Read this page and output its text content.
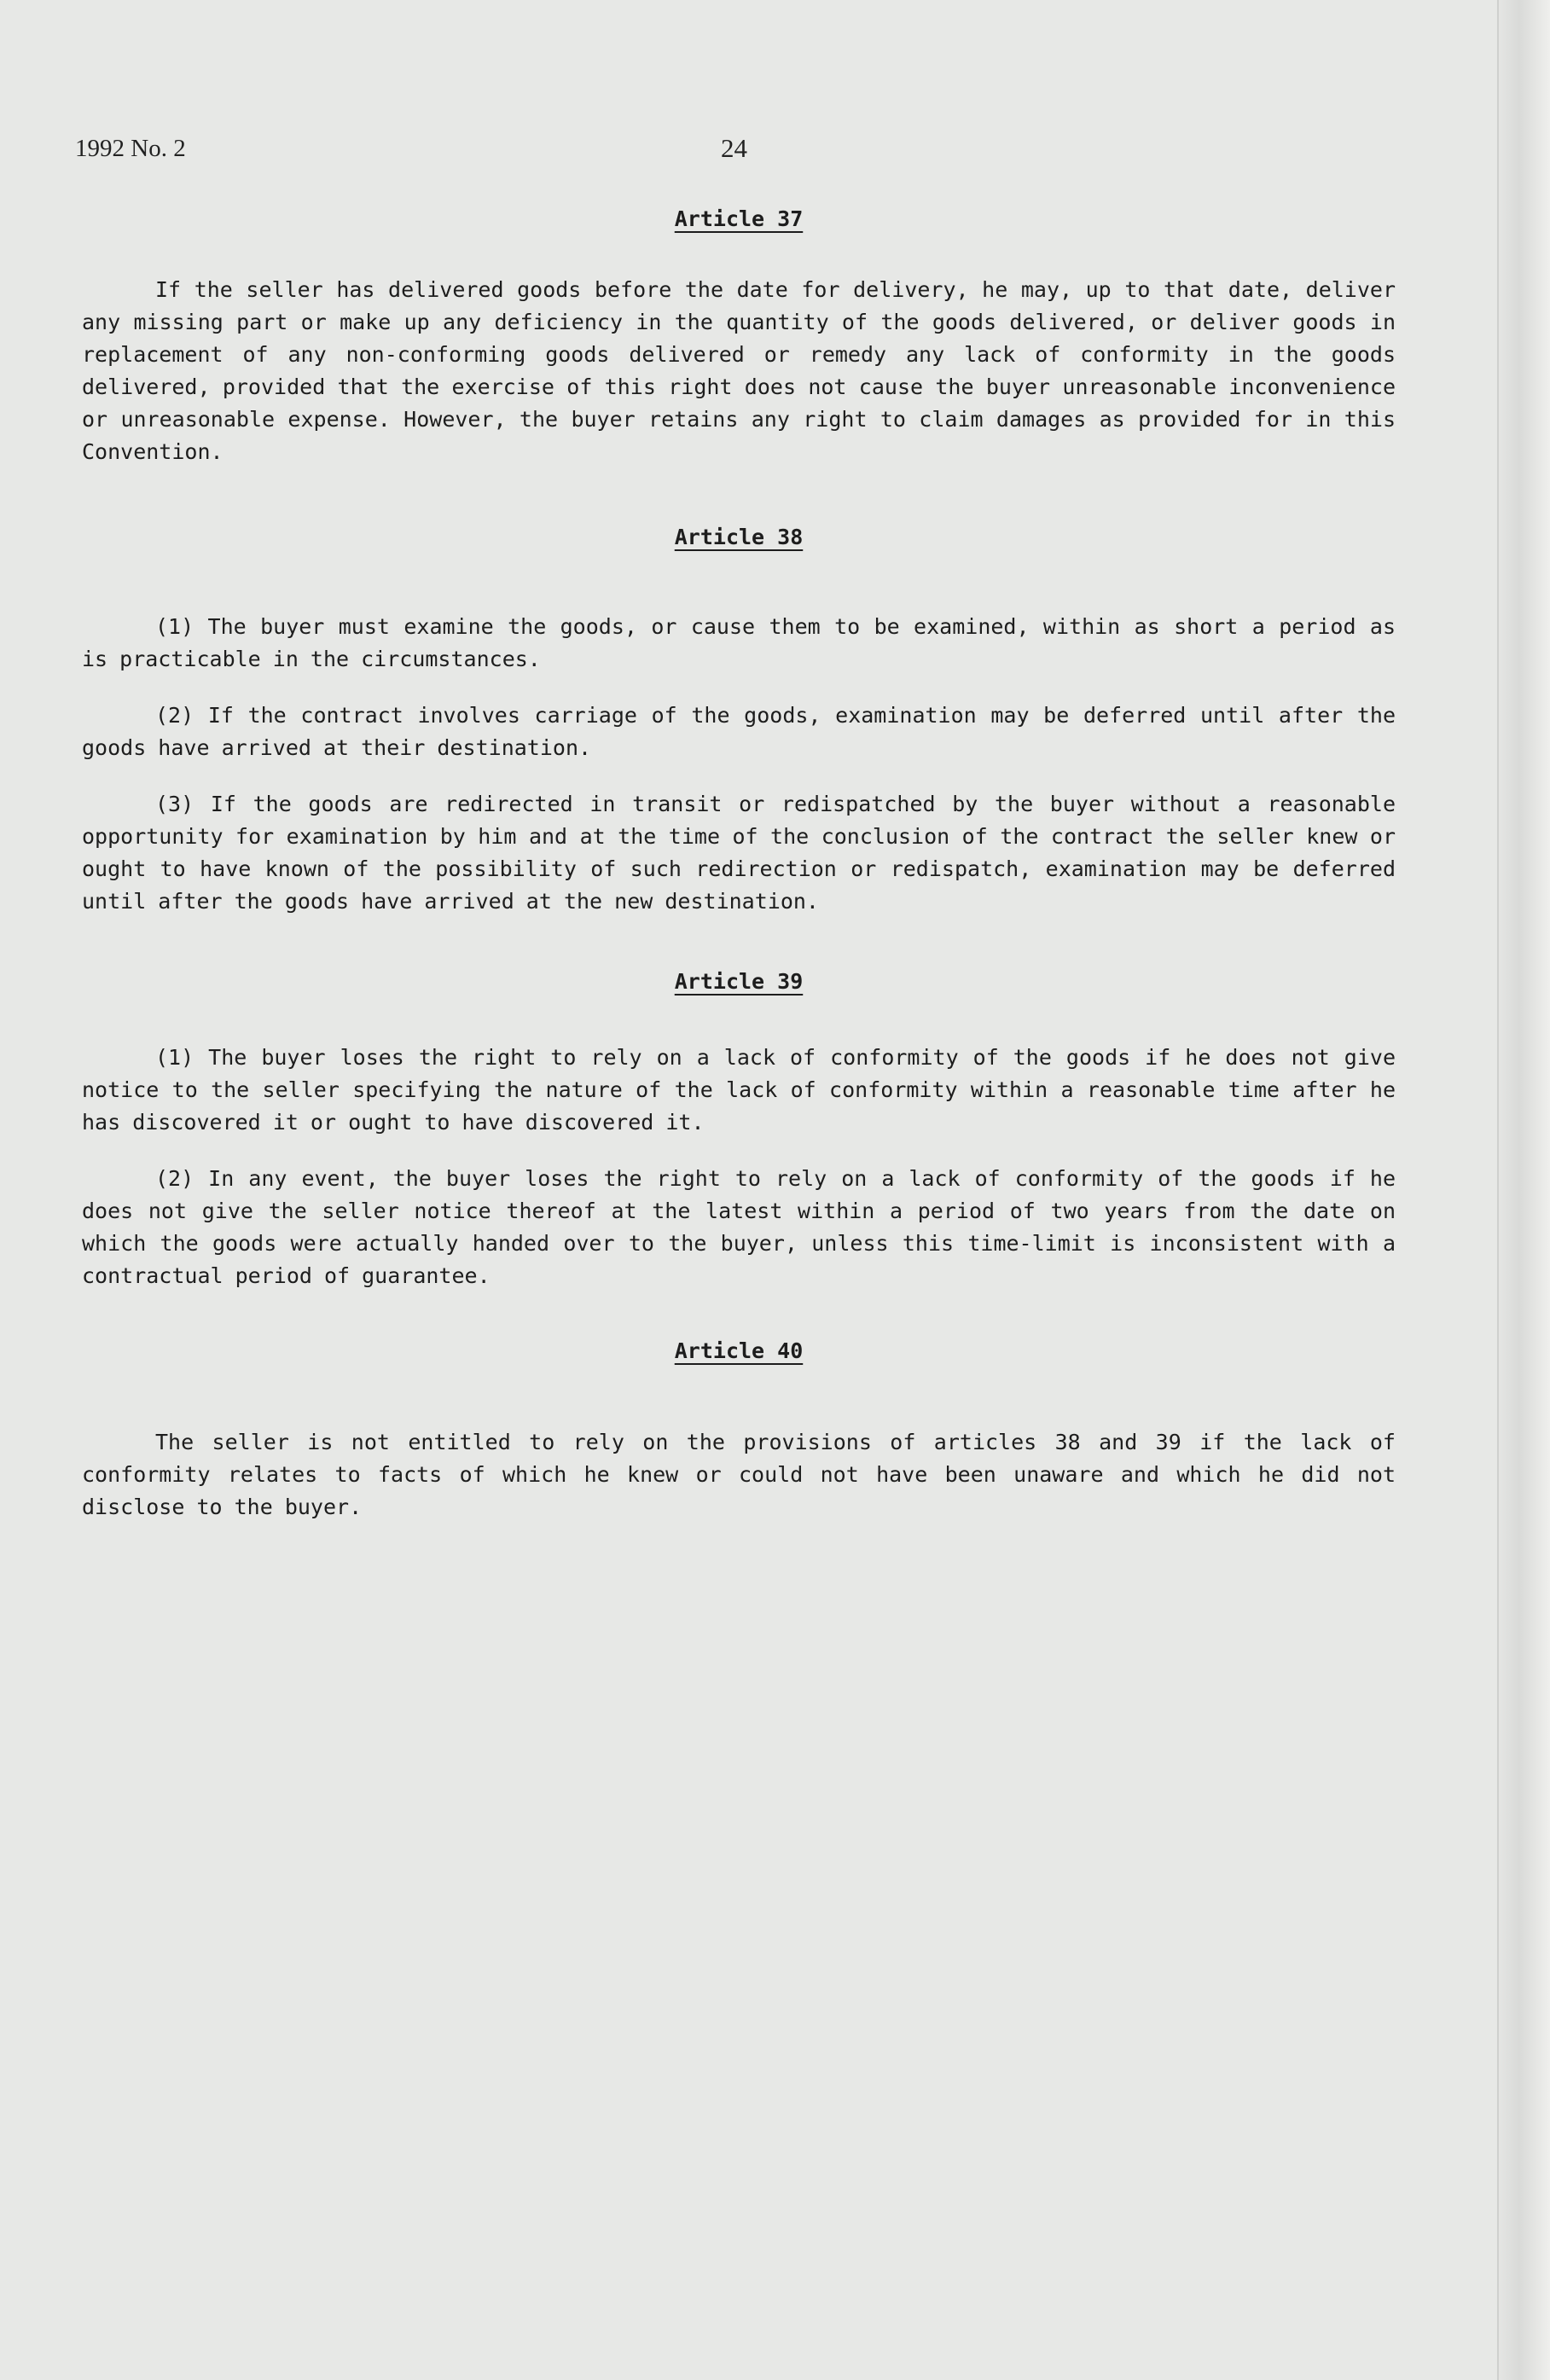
1992 No. 2	24
Article 37

If the seller has delivered goods before the date for delivery, he may, up to that date, deliver any missing part or make up any deficiency in the quantity of the goods delivered, or deliver goods in replacement of any non-conforming goods delivered or remedy any lack of conformity in the goods delivered, provided that the exercise of this right does not cause the buyer unreasonable inconvenience or unreasonable expense. However, the buyer retains any right to claim damages as provided for in this Convention.

Article 38

(1) The buyer must examine the goods, or cause them to be examined, within as short a period as is practicable in the circumstances.

(2) If the contract involves carriage of the goods, examination may be deferred until after the goods have arrived at their destination.

(3) If the goods are redirected in transit or redispatched by the buyer without a reasonable opportunity for examination by him and at the time of the conclusion of the contract the seller knew or ought to have known of the possibility of such redirection or redispatch, examination may be deferred until after the goods have arrived at the new destination.

Article 39

(1) The buyer loses the right to rely on a lack of conformity of the goods if he does not give notice to the seller specifying the nature of the lack of conformity within a reasonable time after he has discovered it or ought to have discovered it.

(2) In any event, the buyer loses the right to rely on a lack of conformity of the goods if he does not give the seller notice thereof at the latest within a period of two years from the date on which the goods were actually handed over to the buyer, unless this time-limit is inconsistent with a contractual period of guarantee.

Article 40

The seller is not entitled to rely on the provisions of articles 38 and 39 if the lack of conformity relates to facts of which he knew or could not have been unaware and which he did not disclose to the buyer.
